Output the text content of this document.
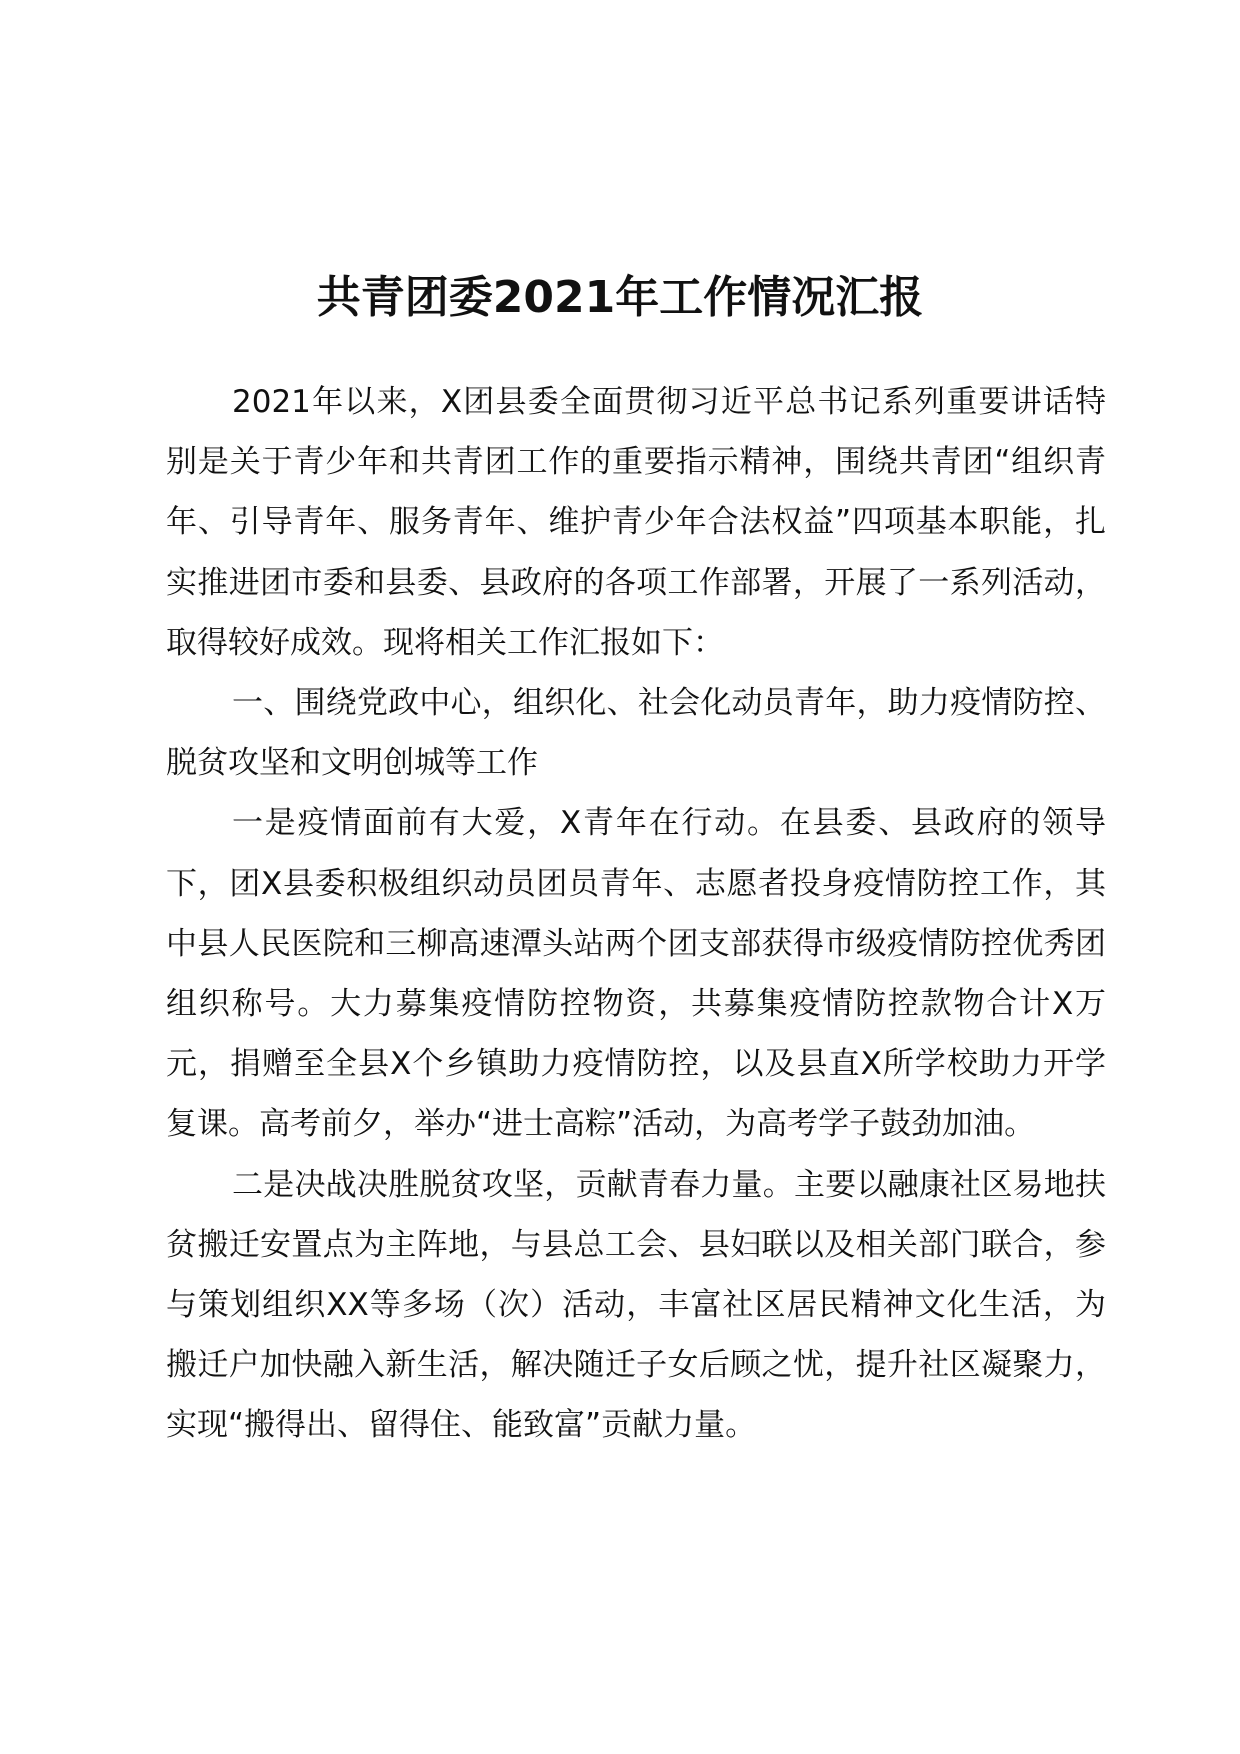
共青团委2021年工作情况汇报

2021年以来，X团县委全面贯彻习近平总书记系列重要讲话特别是关于青少年和共青团工作的重要指示精神，围绕共青团“组织青年、引导青年、服务青年、维护青少年合法权益”四项基本职能，扎实推进团市委和县委、县政府的各项工作部署，开展了一系列活动，取得较好成效。现将相关工作汇报如下：

一、围绕党政中心，组织化、社会化动员青年，助力疫情防控、脱贫攻坚和文明创城等工作

一是疫情面前有大爱，X青年在行动。在县委、县政府的领导下，团X县委积极组织动员团员青年、志愿者投身疫情防控工作，其中县人民医院和三柳高速潭头站两个团支部获得市级疫情防控优秀团组织称号。大力募集疫情防控物资，共募集疫情防控款物合计X万元，捐赠至全县X个乡镇助力疫情防控，以及县直X所学校助力开学复课。高考前夕，举办“进士高粽”活动，为高考学子鼓劲加油。

二是决战决胜脱贫攻坚，贡献青春力量。主要以融康社区易地扶贫搬迁安置点为主阵地，与县总工会、县妇联以及相关部门联合，参与策划组织XX等多场（次）活动，丰富社区居民精神文化生活，为搬迁户加快融入新生活，解决随迁子女后顾之忧，提升社区凝聚力，实现“搬得出、留得住、能致富”贡献力量。
